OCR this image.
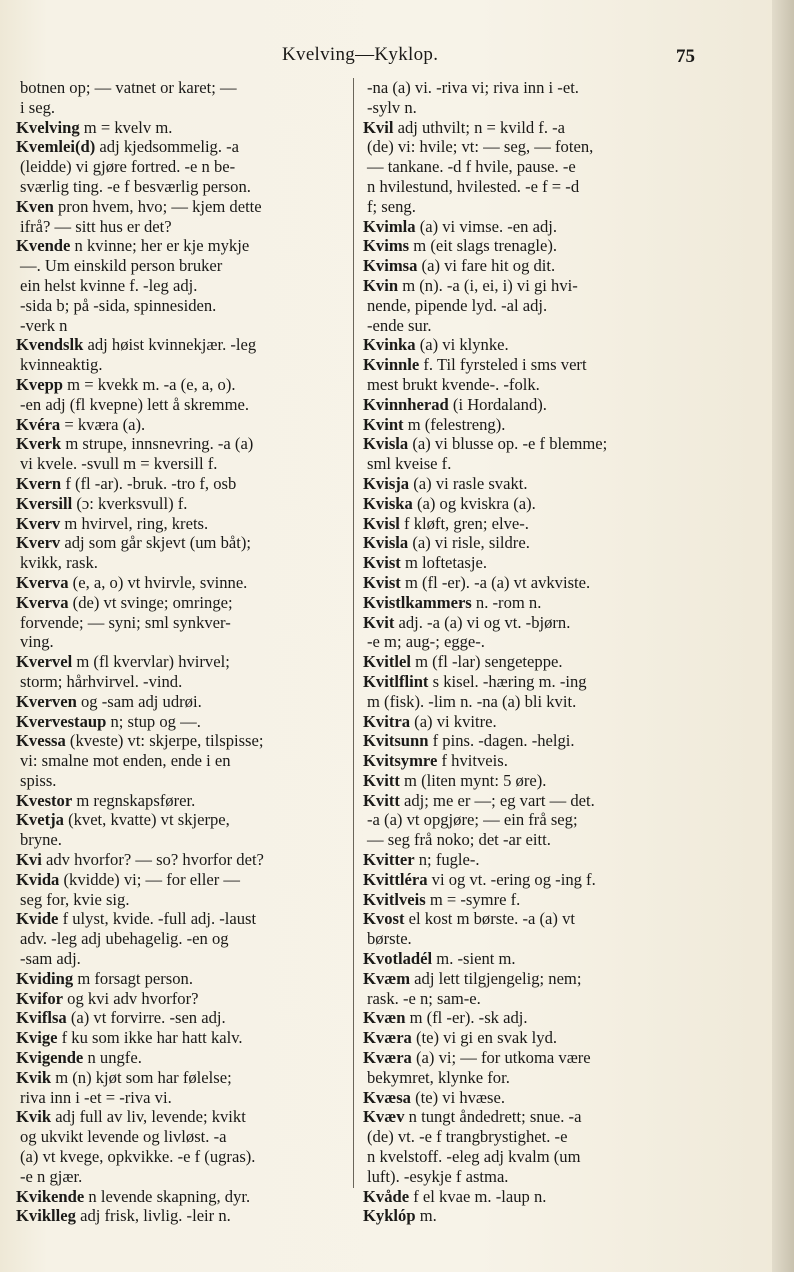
Kvelving—Kyklop.	75
botnen op; — vatnet or karet; —
i seg.
Kvelving m = kvelv m.
Kvemlei(d) adj kjedsommelig. -a
(leidde) vi gjøre fortred. -e n be-
sværlig ting. -e f besværlig person.
Kven pron hvem, hvo; — kjem dette
ifrå? — sitt hus er det?
Kvende n kvinne; her er kje mykje
—. Um einskild person bruker
ein helst kvinne f. -leg adj.
-sida b; på -sida, spinnesiden.
-verk n
Kvendslk adj høist kvinnekjær. -leg
kvinneaktig.
Kvepp m = kvekk m. -a (e, a, o).
-en adj (fl kvepne) lett å skremme.
Kvéra = kværa (a).
Kverk m strupe, innsnevring. -a (a)
vi kvele. -svull m = kversill f.
Kvern f (fl -ar). -bruk. -tro f, osb
Kversill (ɔ: kverksvull) f.
Kverv m hvirvel, ring, krets.
Kverv adj som går skjevt (um båt);
kvikk, rask.
Kverva (e, a, o) vt hvirvle, svinne.
Kverva (de) vt svinge; omringe;
forvende; — syni; sml synkver-
ving.
Kvervel m (fl kvervlar) hvirvel;
storm; hårhvirvel. -vind.
Kverven og -sam adj udrøi.
Kvervestaup n; stup og —.
Kvessa (kveste) vt: skjerpe, tilspisse;
vi: smalne mot enden, ende i en
spiss.
Kvestor m regnskapsfører.
Kvetja (kvet, kvatte) vt skjerpe,
bryne.
Kvi adv hvorfor? — so? hvorfor det?
Kvida (kvidde) vi; — for eller —
seg for, kvie sig.
Kvide f ulyst, kvide. -full adj. -laust
adv. -leg adj ubehagelig. -en og
-sam adj.
Kviding m forsagt person.
Kvifor og kvi adv hvorfor?
Kviflsa (a) vt forvirre. -sen adj.
Kvige f ku som ikke har hatt kalv.
Kvigende n ungfe.
Kvik m (n) kjøt som har følelse;
riva inn i -et = -riva vi.
Kvik adj full av liv, levende; kvikt
og ukvikt levende og livløst. -a
(a) vt kvege, opkvikke. -e f (ugras).
-e n gjær.
Kvikende n levende skapning, dyr.
Kviklleg adj frisk, livlig. -leir n.
-na (a) vi. -riva vi; riva inn i -et.
-sylv n.
Kvil adj uthvilt; n = kvild f. -a
(de) vi: hvile; vt: — seg, — foten,
— tankane. -d f hvile, pause. -e
n hvilestund, hvilested. -e f = -d
f; seng.
Kvimla (a) vi vimse. -en adj.
Kvims m (eit slags trenagle).
Kvimsa (a) vi fare hit og dit.
Kvin m (n). -a (i, ei, i) vi gi hvi-
nende, pipende lyd. -al adj.
-ende sur.
Kvinka (a) vi klynke.
Kvinnle f. Til fyrsteled i sms vert
mest brukt kvende-. -folk.
Kvinnherad (i Hordaland).
Kvint m (felestreng).
Kvisla (a) vi blusse op. -e f blemme;
sml kveise f.
Kvisja (a) vi rasle svakt.
Kviska (a) og kviskra (a).
Kvisl f kløft, gren; elve-.
Kvisla (a) vi risle, sildre.
Kvist m loftetasje.
Kvist m (fl -er). -a (a) vt avkviste.
Kvistlkammers n. -rom n.
Kvit adj. -a (a) vi og vt. -bjørn.
-e m; aug-; egge-.
Kvitlel m (fl -lar) sengeteppe.
Kvitlflint s kisel. -hæring m. -ing
m (fisk). -lim n. -na (a) bli kvit.
Kvitra (a) vi kvitre.
Kvitsunn f pins. -dagen. -helgi.
Kvitsymre f hvitveis.
Kvitt m (liten mynt: 5 øre).
Kvitt adj; me er —; eg vart — det.
-a (a) vt opgjøre; — ein frå seg;
— seg frå noko; det -ar eitt.
Kvitter n; fugle-.
Kvittléra vi og vt. -ering og -ing f.
Kvitlveis m = -symre f.
Kvost el kost m børste. -a (a) vt
børste.
Kvotladél m. -sient m.
Kvæm adj lett tilgjengelig; nem;
rask. -e n; sam-e.
Kvæn m (fl -er). -sk adj.
Kværa (te) vi gi en svak lyd.
Kværa (a) vi; — for utkoma være
bekymret, klynke for.
Kvæsa (te) vi hvæse.
Kvæv n tungt åndedrett; snue. -a
(de) vt. -e f trangbrystighet. -e
n kvelstoff. -eleg adj kvalm (um
luft). -esykje f astma.
Kvåde f el kvae m. -laup n.
Kyklóp m.
